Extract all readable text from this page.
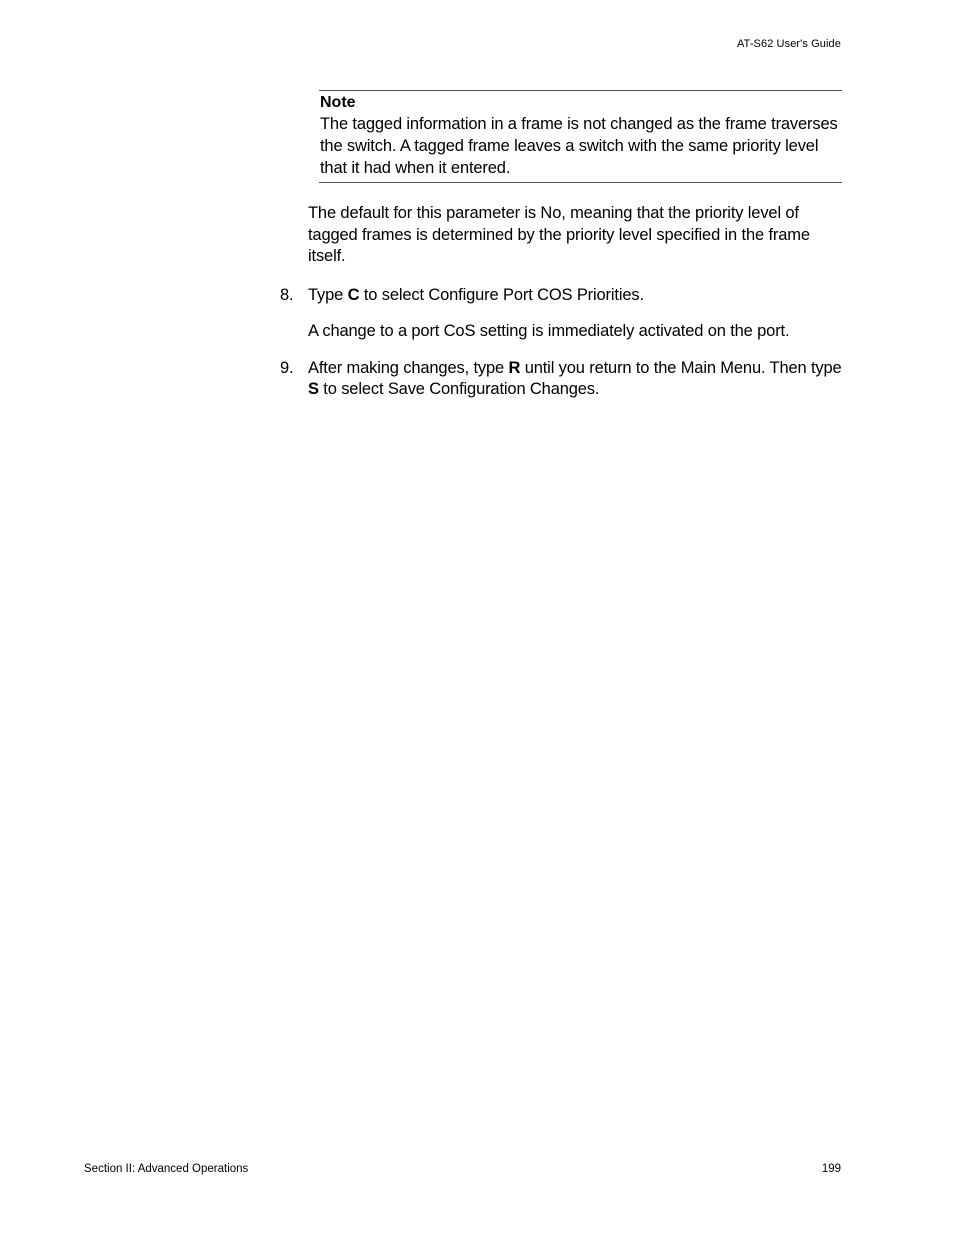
AT-S62 User's Guide
Note
The tagged information in a frame is not changed as the frame traverses the switch. A tagged frame leaves a switch with the same priority level that it had when it entered.

The default for this parameter is No, meaning that the priority level of tagged frames is determined by the priority level specified in the frame itself.

8. Type C to select Configure Port COS Priorities.

A change to a port CoS setting is immediately activated on the port.

9. After making changes, type R until you return to the Main Menu. Then type S to select Save Configuration Changes.
Section II: Advanced Operations	199
